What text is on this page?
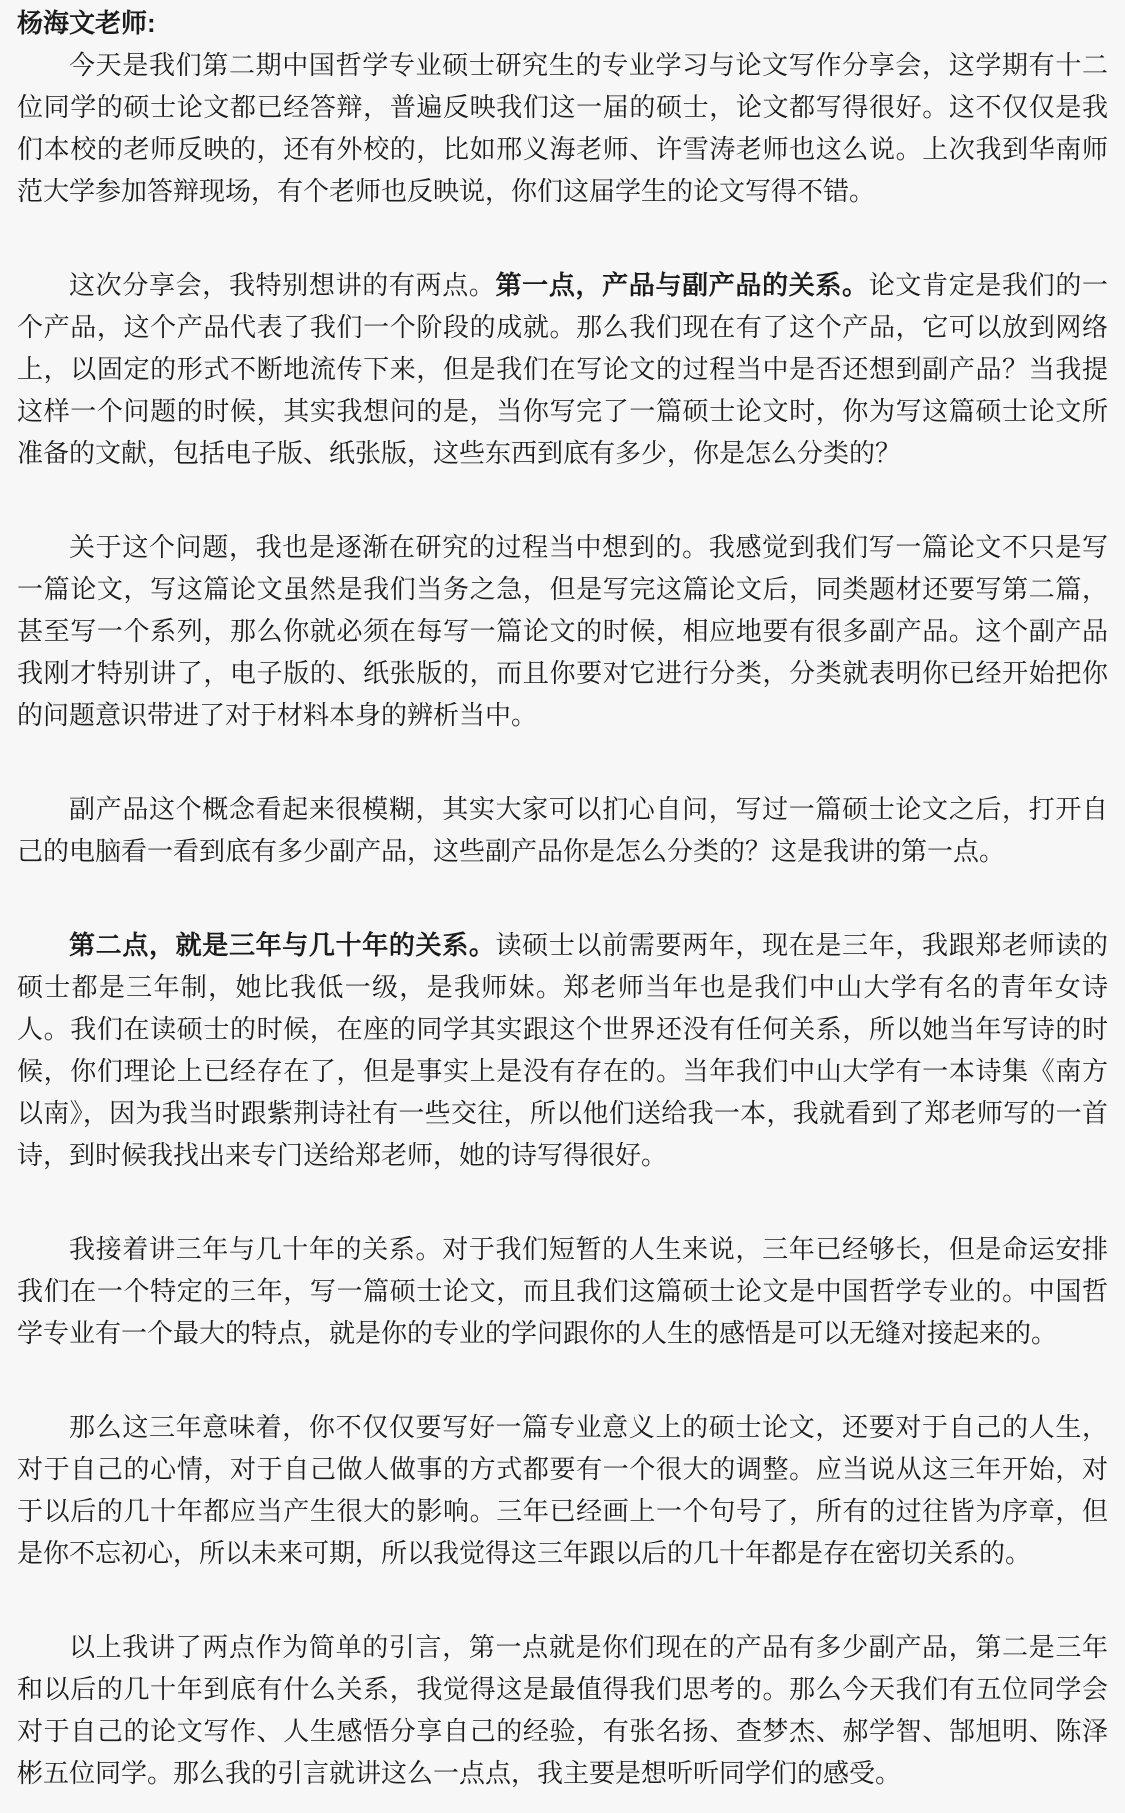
杨海文老师:

今天是我们第二期中国哲学专业硕士研究生的专业学习与论文写作分享会，这学期有十二位同学的硕士论文都已经答辩，普遍反映我们这一届的硕士，论文都写得很好。这不仅仅是我们本校的老师反映的，还有外校的，比如邢义海老师、许雪涛老师也这么说。上次我到华南师范大学参加答辩现场，有个老师也反映说，你们这届学生的论文写得不错。

这次分享会，我特别想讲的有两点。第一点，产品与副产品的关系。论文肯定是我们的一个产品，这个产品代表了我们一个阶段的成就。那么我们现在有了这个产品，它可以放到网络上，以固定的形式不断地流传下来，但是我们在写论文的过程当中是否还想到副产品？当我提这样一个问题的时候，其实我想问的是，当你写完了一篇硕士论文时，你为写这篇硕士论文所准备的文献，包括电子版、纸张版，这些东西到底有多少，你是怎么分类的？

关于这个问题，我也是逐渐在研究的过程当中想到的。我感觉到我们写一篇论文不只是写一篇论文，写这篇论文虽然是我们当务之急，但是写完这篇论文后，同类题材还要写第二篇，甚至写一个系列，那么你就必须在每写一篇论文的时候，相应地要有很多副产品。这个副产品我刚才特别讲了，电子版的、纸张版的，而且你要对它进行分类，分类就表明你已经开始把你的问题意识带进了对于材料本身的辨析当中。

副产品这个概念看起来很模糊，其实大家可以扪心自问，写过一篇硕士论文之后，打开自己的电脑看一看到底有多少副产品，这些副产品你是怎么分类的？这是我讲的第一点。

第二点，就是三年与几十年的关系。读硕士以前需要两年，现在是三年，我跟郑老师读的硕士都是三年制，她比我低一级，是我师妹。郑老师当年也是我们中山大学有名的青年女诗人。我们在读硕士的时候，在座的同学其实跟这个世界还没有任何关系，所以她当年写诗的时候，你们理论上已经存在了，但是事实上是没有存在的。当年我们中山大学有一本诗集《南方以南》，因为我当时跟紫荆诗社有一些交往，所以他们送给我一本，我就看到了郑老师写的一首诗，到时候我找出来专门送给郑老师，她的诗写得很好。

我接着讲三年与几十年的关系。对于我们短暂的人生来说，三年已经够长，但是命运安排我们在一个特定的三年，写一篇硕士论文，而且我们这篇硕士论文是中国哲学专业的。中国哲学专业有一个最大的特点，就是你的专业的学问跟你的人生的感悟是可以无缝对接起来的。

那么这三年意味着，你不仅仅要写好一篇专业意义上的硕士论文，还要对于自己的人生，对于自己的心情，对于自己做人做事的方式都要有一个很大的调整。应当说从这三年开始，对于以后的几十年都应当产生很大的影响。三年已经画上一个句号了，所有的过往皆为序章，但是你不忘初心，所以未来可期，所以我觉得这三年跟以后的几十年都是存在密切关系的。

以上我讲了两点作为简单的引言，第一点就是你们现在的产品有多少副产品，第二是三年和以后的几十年到底有什么关系，我觉得这是最值得我们思考的。那么今天我们有五位同学会对于自己的论文写作、人生感悟分享自己的经验，有张名扬、查梦杰、郝学智、郜旭明、陈泽彬五位同学。那么我的引言就讲这么一点点，我主要是想听听同学们的感受。
